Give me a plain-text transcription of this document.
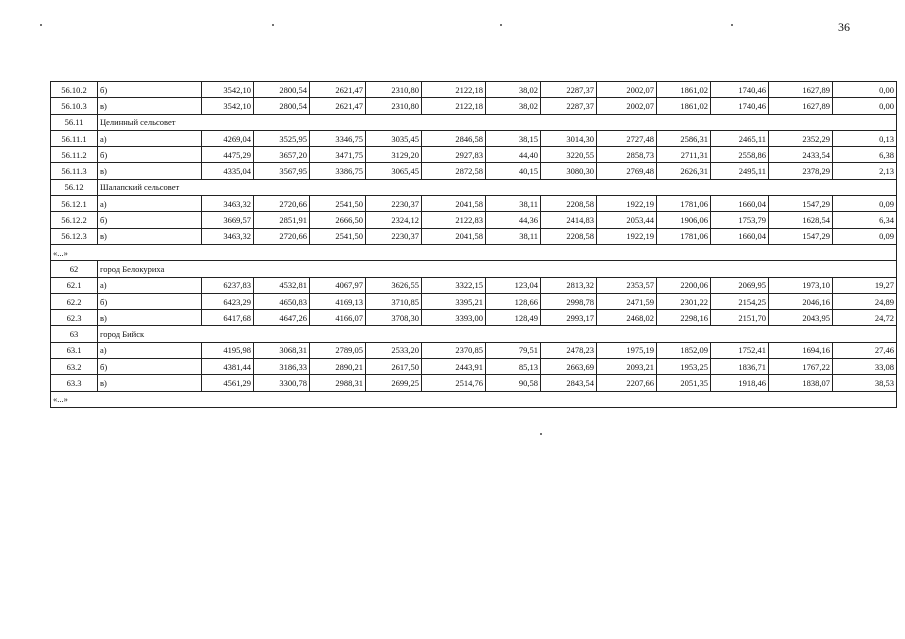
36
56.10.2	б)	3542,10	2800,54	2621,47	2310,80	2122,18	38,02	2287,37	2002,07	1861,02	1740,46	1627,89	0,00
56.10.3	в)	3542,10	2800,54	2621,47	2310,80	2122,18	38,02	2287,37	2002,07	1861,02	1740,46	1627,89	0,00
56.11	Целинный сельсовет												
56.11.1	а)	4269,04	3525,95	3346,75	3035,45	2846,58	38,15	3014,30	2727,48	2586,31	2465,11	2352,29	0,13
56.11.2	б)	4475,29	3657,20	3471,75	3129,20	2927,83	44,40	3220,55	2858,73	2711,31	2558,86	2433,54	6,38
56.11.3	в)	4335,04	3567,95	3386,75	3065,45	2872,58	40,15	3080,30	2769,48	2626,31	2495,11	2378,29	2,13
56.12	Шалапский сельсовет												
56.12.1	а)	3463,32	2720,66	2541,50	2230,37	2041,58	38,11	2208,58	1922,19	1781,06	1660,04	1547,29	0,09
56.12.2	б)	3669,57	2851,91	2666,50	2324,12	2122,83	44,36	2414,83	2053,44	1906,06	1753,79	1628,54	6,34
56.12.3	в)	3463,32	2720,66	2541,50	2230,37	2041,58	38,11	2208,58	1922,19	1781,06	1660,04	1547,29	0,09
«...»													
62	город Белокуриха												
62.1	а)	6237,83	4532,81	4067,97	3626,55	3322,15	123,04	2813,32	2353,57	2200,06	2069,95	1973,10	19,27
62.2	б)	6423,29	4650,83	4169,13	3710,85	3395,21	128,66	2998,78	2471,59	2301,22	2154,25	2046,16	24,89
62.3	в)	6417,68	4647,26	4166,07	3708,30	3393,00	128,49	2993,17	2468,02	2298,16	2151,70	2043,95	24,72
63	город Бийск												
63.1	а)	4195,98	3068,31	2789,05	2533,20	2370,85	79,51	2478,23	1975,19	1852,09	1752,41	1694,16	27,46
63.2	б)	4381,44	3186,33	2890,21	2617,50	2443,91	85,13	2663,69	2093,21	1953,25	1836,71	1767,22	33,08
63.3	в)	4561,29	3300,78	2988,31	2699,25	2514,76	90,58	2843,54	2207,66	2051,35	1918,46	1838,07	38,53
«...»													
